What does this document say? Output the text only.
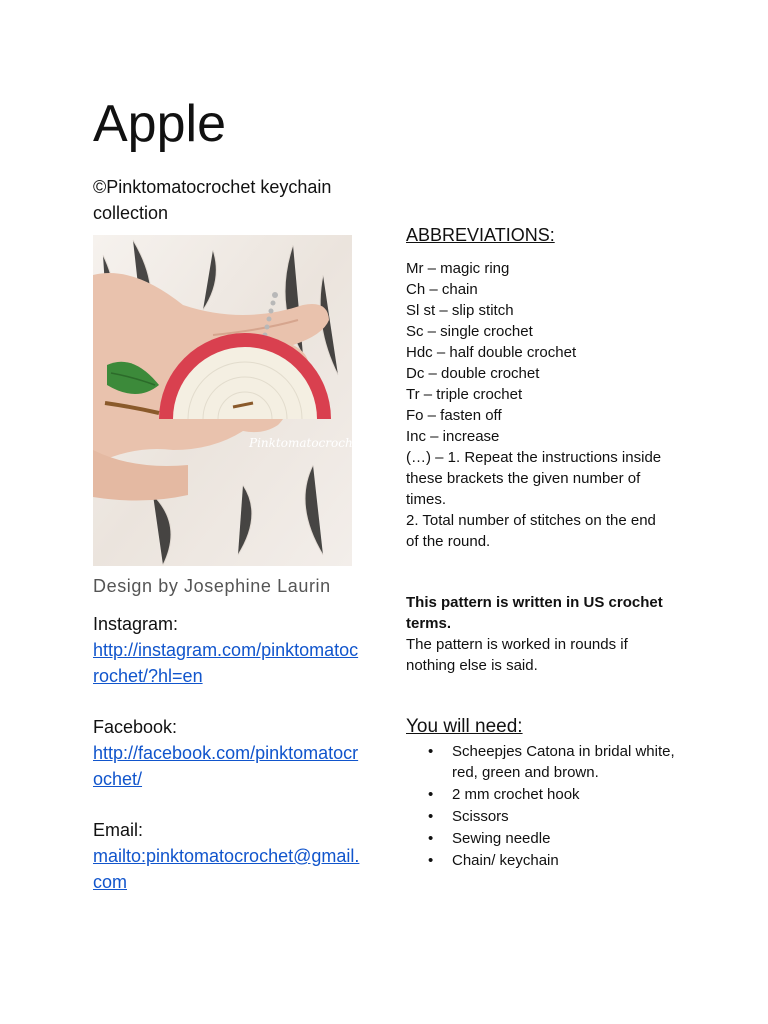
Apple
©Pinktomatocrochet keychain collection
Pinktomatocrochet
Design by Josephine Laurin
Instagram:
http://instagram.com/pinktomatocrochet/?hl=en
Facebook:
http://facebook.com/pinktomatocrochet/
Email:
mailto:pinktomatocrochet@gmail.com
ABBREVIATIONS:
Mr – magic ring
Ch – chain
Sl st – slip stitch
Sc – single crochet
Hdc – half double crochet
Dc – double crochet
Tr – triple crochet
Fo – fasten off
Inc – increase
(…) – 1. Repeat the instructions inside these brackets the given number of times.
2. Total number of stitches on the end of the round.
This pattern is written in US crochet terms.
The pattern is worked in rounds if nothing else is said.
You will need:
• Scheepjes Catona in bridal white, red, green and brown.
• 2 mm crochet hook
• Scissors
• Sewing needle
• Chain/ keychain
